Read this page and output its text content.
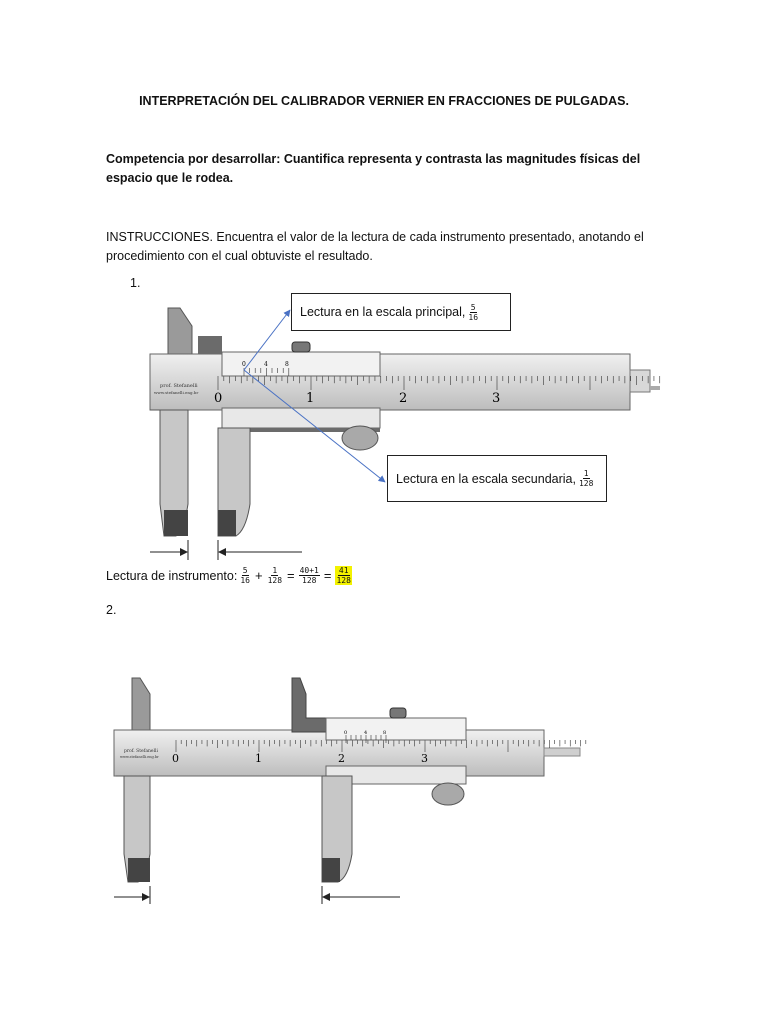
INTERPRETACIÓN DEL CALIBRADOR VERNIER EN FRACCIONES DE PULGADAS.
Competencia por desarrollar: Cuantifica representa y contrasta las magnitudes físicas del espacio que le rodea.
INSTRUCCIONES. Encuentra el valor de la lectura de cada instrumento presentado, anotando el procedimiento con el cual obtuviste el resultado.
1.
0	1	2	3
prof. Stefanelli
www.stefanelli.eng.br
0	4	8
Lectura en la escala principal, $\frac{5}{16}$
Lectura en la escala secundaria, $\frac{1}{128}$
Lectura de instrumento: $\frac{5}{16} + \frac{1}{128} = \frac{40+1}{128} = \frac{41}{128}$
2.
0	1	2	3
prof. Stefanelli
www.stefanelli.eng.br
0	4	8
